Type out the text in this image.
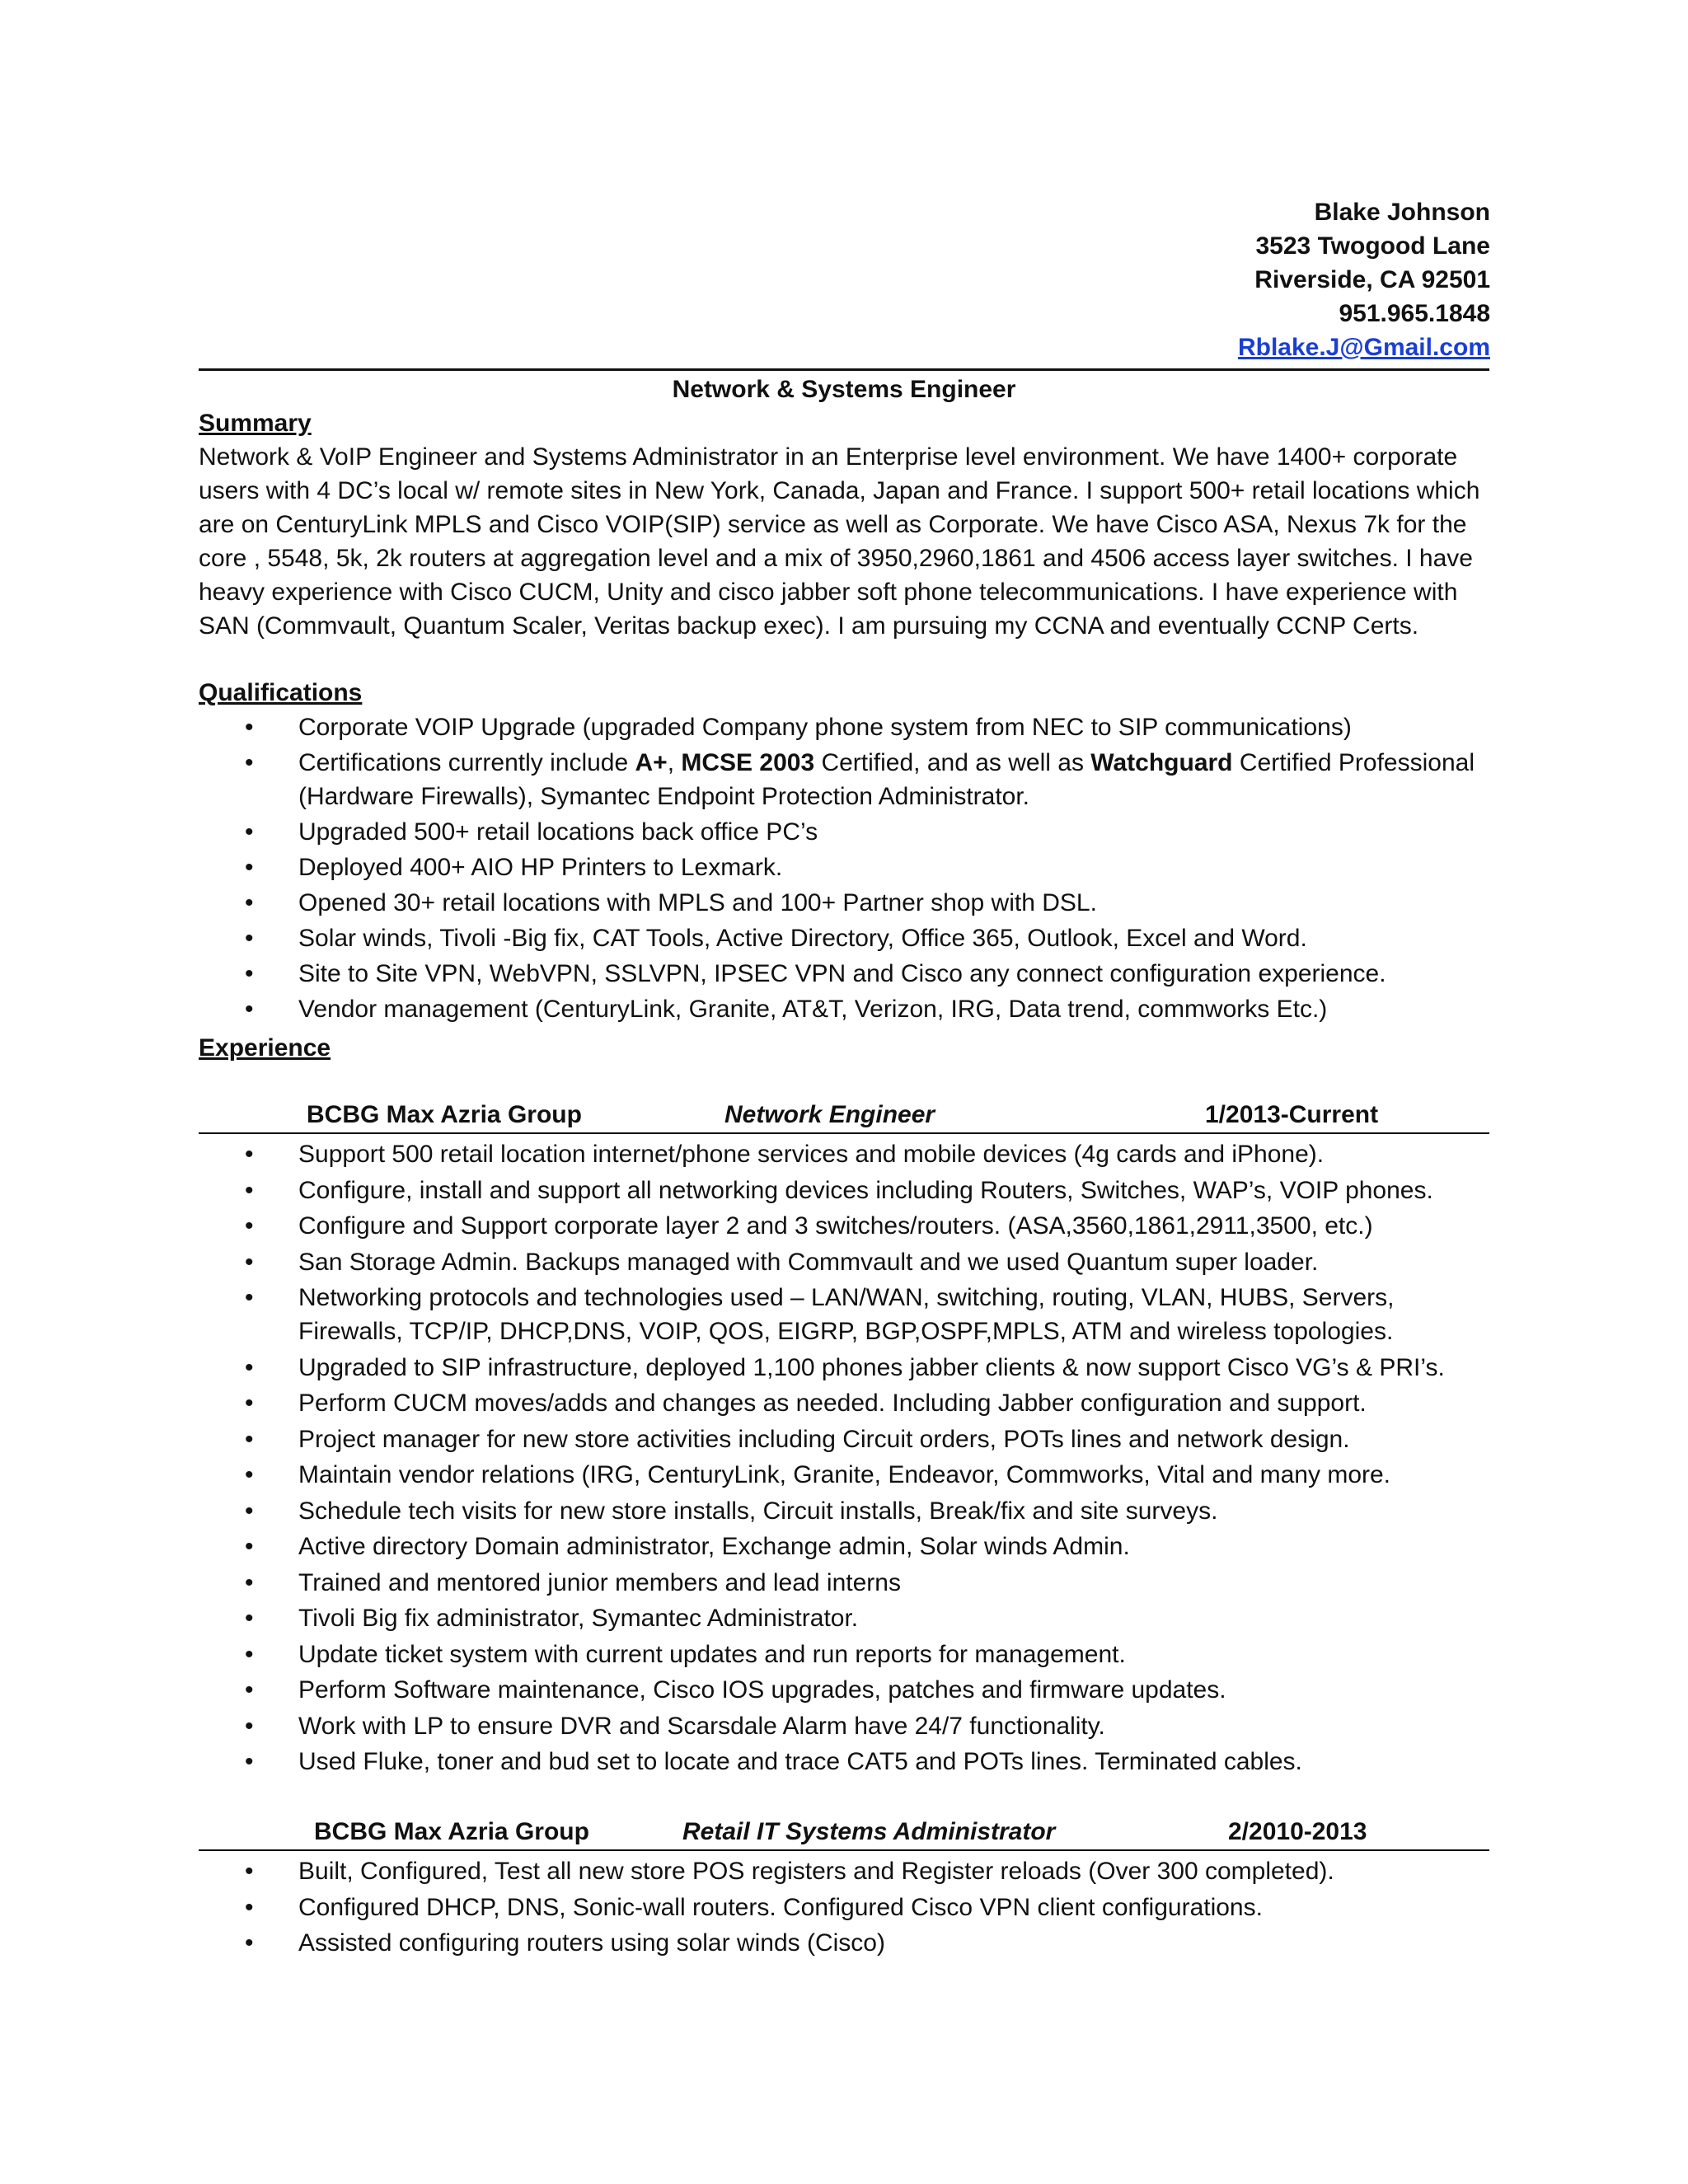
Blake Johnson
3523 Twogood Lane
Riverside, CA 92501
951.965.1848
Rblake.J@Gmail.com
Network & Systems Engineer
Summary
Network & VoIP Engineer and Systems Administrator in an Enterprise level environment. We have 1400+ corporate users with 4 DC’s local w/ remote sites in New York, Canada, Japan and France. I support 500+ retail locations which are on CenturyLink MPLS and Cisco VOIP(SIP) service as well as Corporate. We have Cisco ASA, Nexus 7k for the core , 5548, 5k, 2k routers at aggregation level and a mix of 3950,2960,1861 and 4506 access layer switches. I have heavy experience with Cisco CUCM, Unity and cisco jabber soft phone telecommunications. I have experience with SAN (Commvault, Quantum Scaler, Veritas backup exec). I am pursuing my CCNA and eventually CCNP Certs.
Qualifications
• Corporate VOIP Upgrade (upgraded Company phone system from NEC to SIP communications)
• Certifications currently include A+, MCSE 2003 Certified, and as well as Watchguard Certified Professional (Hardware Firewalls), Symantec Endpoint Protection Administrator.
• Upgraded 500+ retail locations back office PC’s
• Deployed 400+ AIO HP Printers to Lexmark.
• Opened 30+ retail locations with MPLS and 100+ Partner shop with DSL.
• Solar winds, Tivoli -Big fix, CAT Tools, Active Directory, Office 365, Outlook, Excel and Word.
• Site to Site VPN, WebVPN, SSLVPN, IPSEC VPN and Cisco any connect configuration experience.
• Vendor management (CenturyLink, Granite, AT&T, Verizon, IRG, Data trend, commworks Etc.)
Experience
BCBG Max Azria Group	Network Engineer	1/2013-Current
• Support 500 retail location internet/phone services and mobile devices (4g cards and iPhone).
• Configure, install and support all networking devices including Routers, Switches, WAP’s, VOIP phones.
• Configure and Support corporate layer 2 and 3 switches/routers. (ASA,3560,1861,2911,3500, etc.)
• San Storage Admin. Backups managed with Commvault and we used Quantum super loader.
• Networking protocols and technologies used – LAN/WAN, switching, routing, VLAN, HUBS, Servers, Firewalls, TCP/IP, DHCP,DNS, VOIP, QOS, EIGRP, BGP,OSPF,MPLS, ATM and wireless topologies.
• Upgraded to SIP infrastructure, deployed 1,100 phones jabber clients & now support Cisco VG’s & PRI’s.
• Perform CUCM moves/adds and changes as needed. Including Jabber configuration and support.
• Project manager for new store activities including Circuit orders, POTs lines and network design.
• Maintain vendor relations (IRG, CenturyLink, Granite, Endeavor, Commworks, Vital and many more.
• Schedule tech visits for new store installs, Circuit installs, Break/fix and site surveys.
• Active directory Domain administrator, Exchange admin, Solar winds Admin.
• Trained and mentored junior members and lead interns
• Tivoli Big fix administrator, Symantec Administrator.
• Update ticket system with current updates and run reports for management.
• Perform Software maintenance, Cisco IOS upgrades, patches and firmware updates.
• Work with LP to ensure DVR and Scarsdale Alarm have 24/7 functionality.
• Used Fluke, toner and bud set to locate and trace CAT5 and POTs lines. Terminated cables.
BCBG Max Azria Group	Retail IT Systems Administrator	2/2010-2013
• Built, Configured, Test all new store POS registers and Register reloads (Over 300 completed).
• Configured DHCP, DNS, Sonic-wall routers. Configured Cisco VPN client configurations.
• Assisted configuring routers using solar winds (Cisco)
